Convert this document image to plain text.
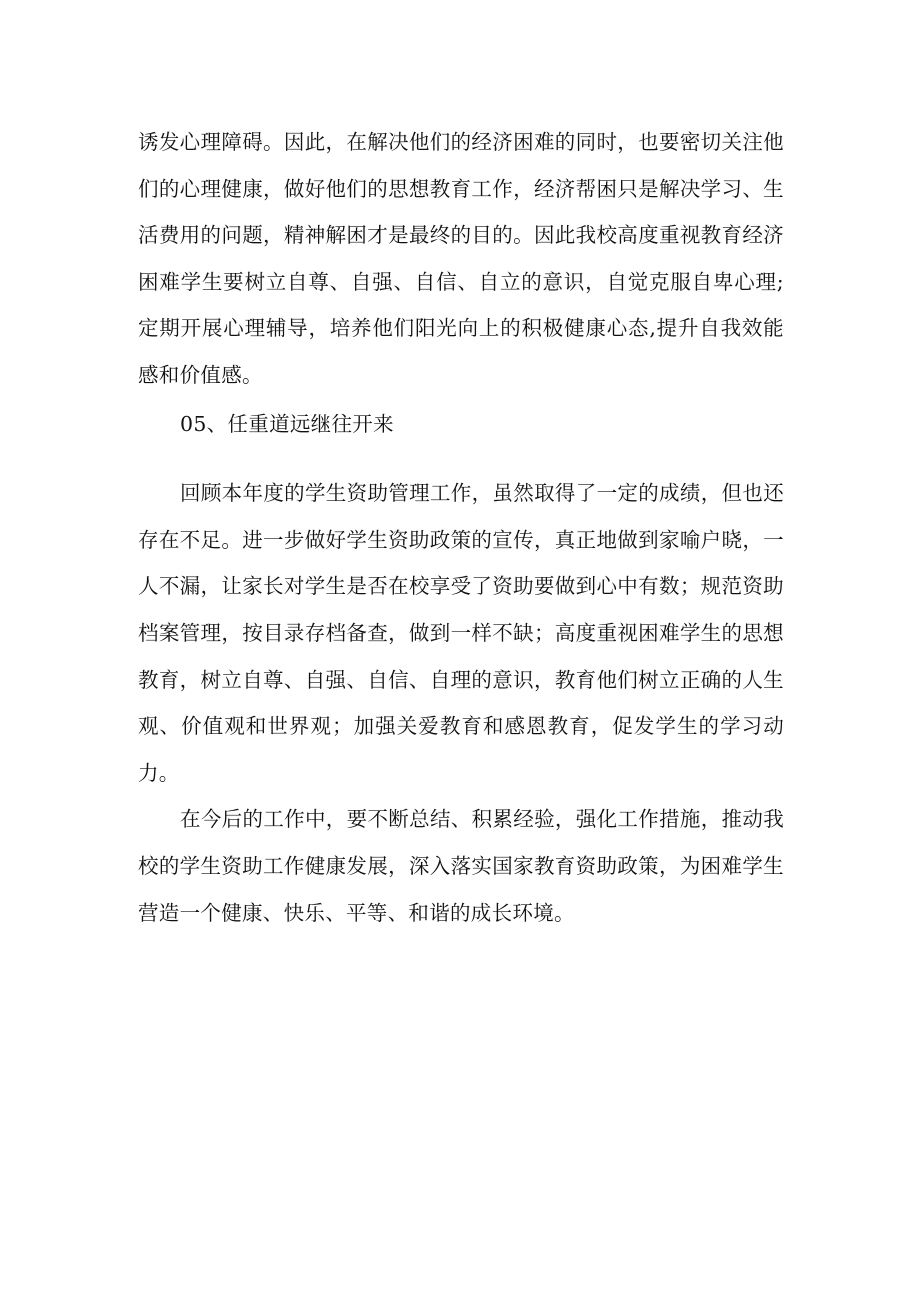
诱发心理障碍。因此，在解决他们的经济困难的同时，也要密切关注他们的心理健康，做好他们的思想教育工作，经济帮困只是解决学习、生活费用的问题，精神解困才是最终的目的。因此我校高度重视教育经济困难学生要树立自尊、自强、自信、自立的意识，自觉克服自卑心理;定期开展心理辅导，培养他们阳光向上的积极健康心态,提升自我效能感和价值感。

05、任重道远继往开来

回顾本年度的学生资助管理工作，虽然取得了一定的成绩，但也还存在不足。进一步做好学生资助政策的宣传，真正地做到家喻户晓，一人不漏，让家长对学生是否在校享受了资助要做到心中有数；规范资助档案管理，按目录存档备查，做到一样不缺；高度重视困难学生的思想教育，树立自尊、自强、自信、自理的意识，教育他们树立正确的人生观、价值观和世界观；加强关爱教育和感恩教育，促发学生的学习动力。

在今后的工作中，要不断总结、积累经验，强化工作措施，推动我校的学生资助工作健康发展，深入落实国家教育资助政策，为困难学生营造一个健康、快乐、平等、和谐的成长环境。
